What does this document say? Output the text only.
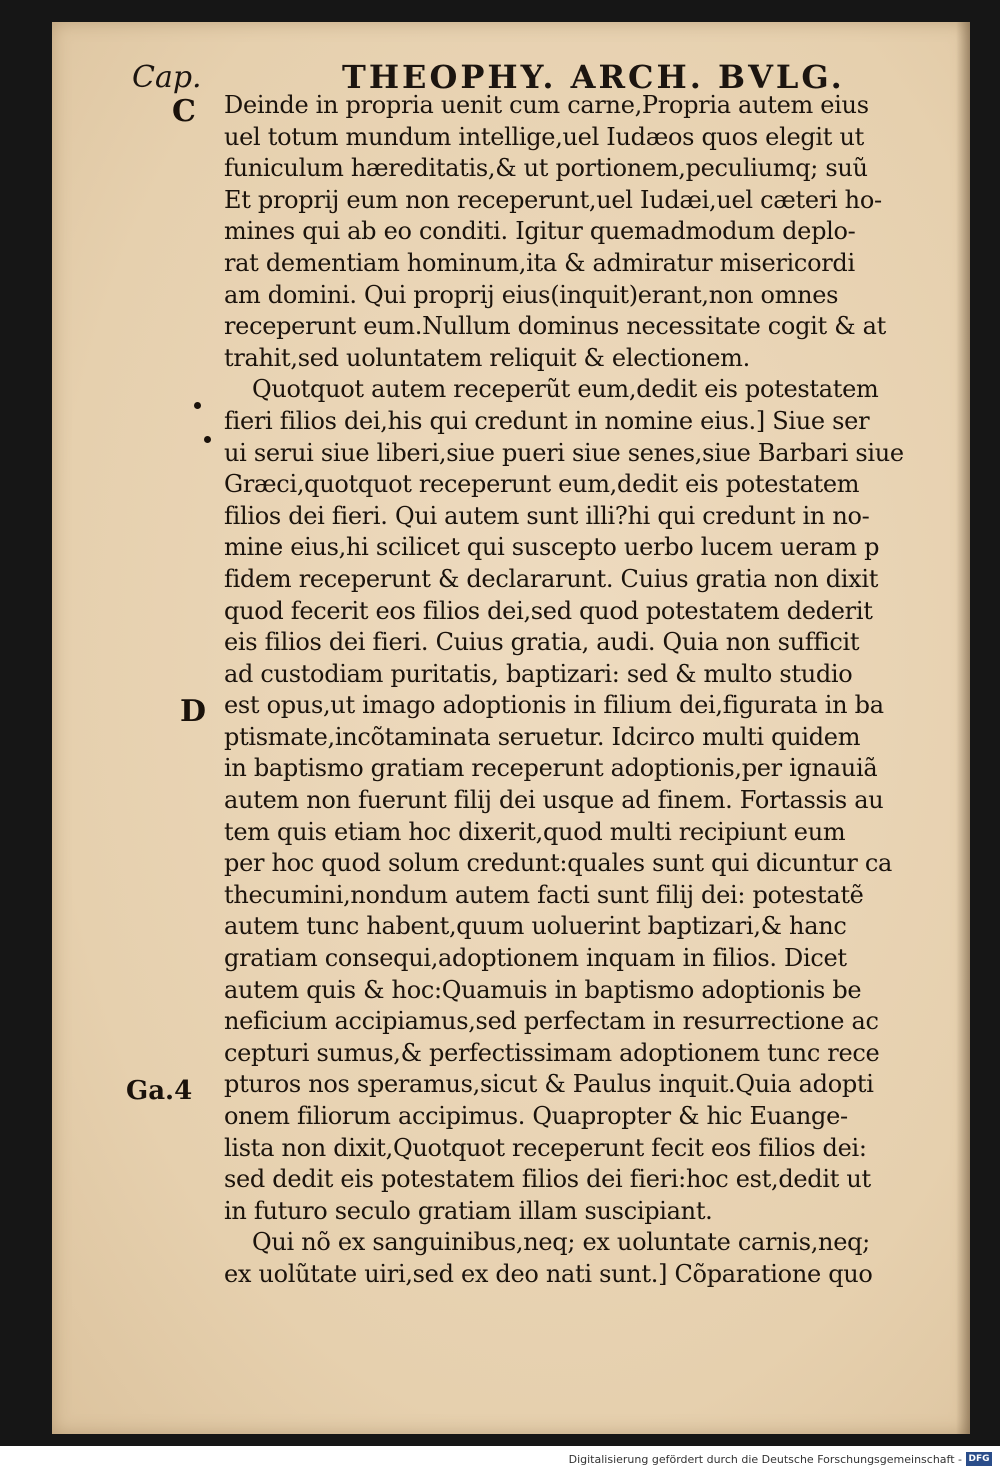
Cap.	THEOPHY. ARCH. BVLG.
C
D
Ga.4
Deinde in propria uenit cum carne,Propria autem eius
uel totum mundum intellige,uel Iudæos quos elegit ut
funiculum hæreditatis,& ut portionem,peculiumq; suũ
Et proprij eum non receperunt,uel Iudæi,uel cæteri ho-
mines qui ab eo conditi. Igitur quemadmodum deplo-
rat dementiam hominum,ita & admiratur misericordi
am domini. Qui proprij eius(inquit)erant,non omnes
receperunt eum.Nullum dominus necessitate cogit & at
trahit,sed uoluntatem reliquit & electionem.
Quotquot autem receperũt eum,dedit eis potestatem
fieri filios dei,his qui credunt in nomine eius.] Siue ser
ui serui siue liberi,siue pueri siue senes,siue Barbari siue
Græci,quotquot receperunt eum,dedit eis potestatem
filios dei fieri. Qui autem sunt illi?hi qui credunt in no-
mine eius,hi scilicet qui suscepto uerbo lucem ueram p
fidem receperunt & declararunt. Cuius gratia non dixit
quod fecerit eos filios dei,sed quod potestatem dederit
eis filios dei fieri. Cuius gratia, audi. Quia non sufficit
ad custodiam puritatis, baptizari: sed & multo studio
est opus,ut imago adoptionis in filium dei,figurata in ba
ptismate,incõtaminata seruetur. Idcirco multi quidem
in baptismo gratiam receperunt adoptionis,per ignauiã
autem non fuerunt filij dei usque ad finem. Fortassis au
tem quis etiam hoc dixerit,quod multi recipiunt eum
per hoc quod solum credunt:quales sunt qui dicuntur ca
thecumini,nondum autem facti sunt filij dei: potestatẽ
autem tunc habent,quum uoluerint baptizari,& hanc
gratiam consequi,adoptionem inquam in filios. Dicet
autem quis & hoc:Quamuis in baptismo adoptionis be
neficium accipiamus,sed perfectam in resurrectione ac
cepturi sumus,& perfectissimam adoptionem tunc rece
pturos nos speramus,sicut & Paulus inquit.Quia adopti
onem filiorum accipimus. Quapropter & hic Euange-
lista non dixit,Quotquot receperunt fecit eos filios dei:
sed dedit eis potestatem filios dei fieri:hoc est,dedit ut
in futuro seculo gratiam illam suscipiant.
Qui nõ ex sanguinibus,neq; ex uoluntate carnis,neq;
ex uolũtate uiri,sed ex deo nati sunt.] Cõparatione quo
Digitalisierung gefördert durch die Deutsche Forschungsgemeinschaft - DFG
